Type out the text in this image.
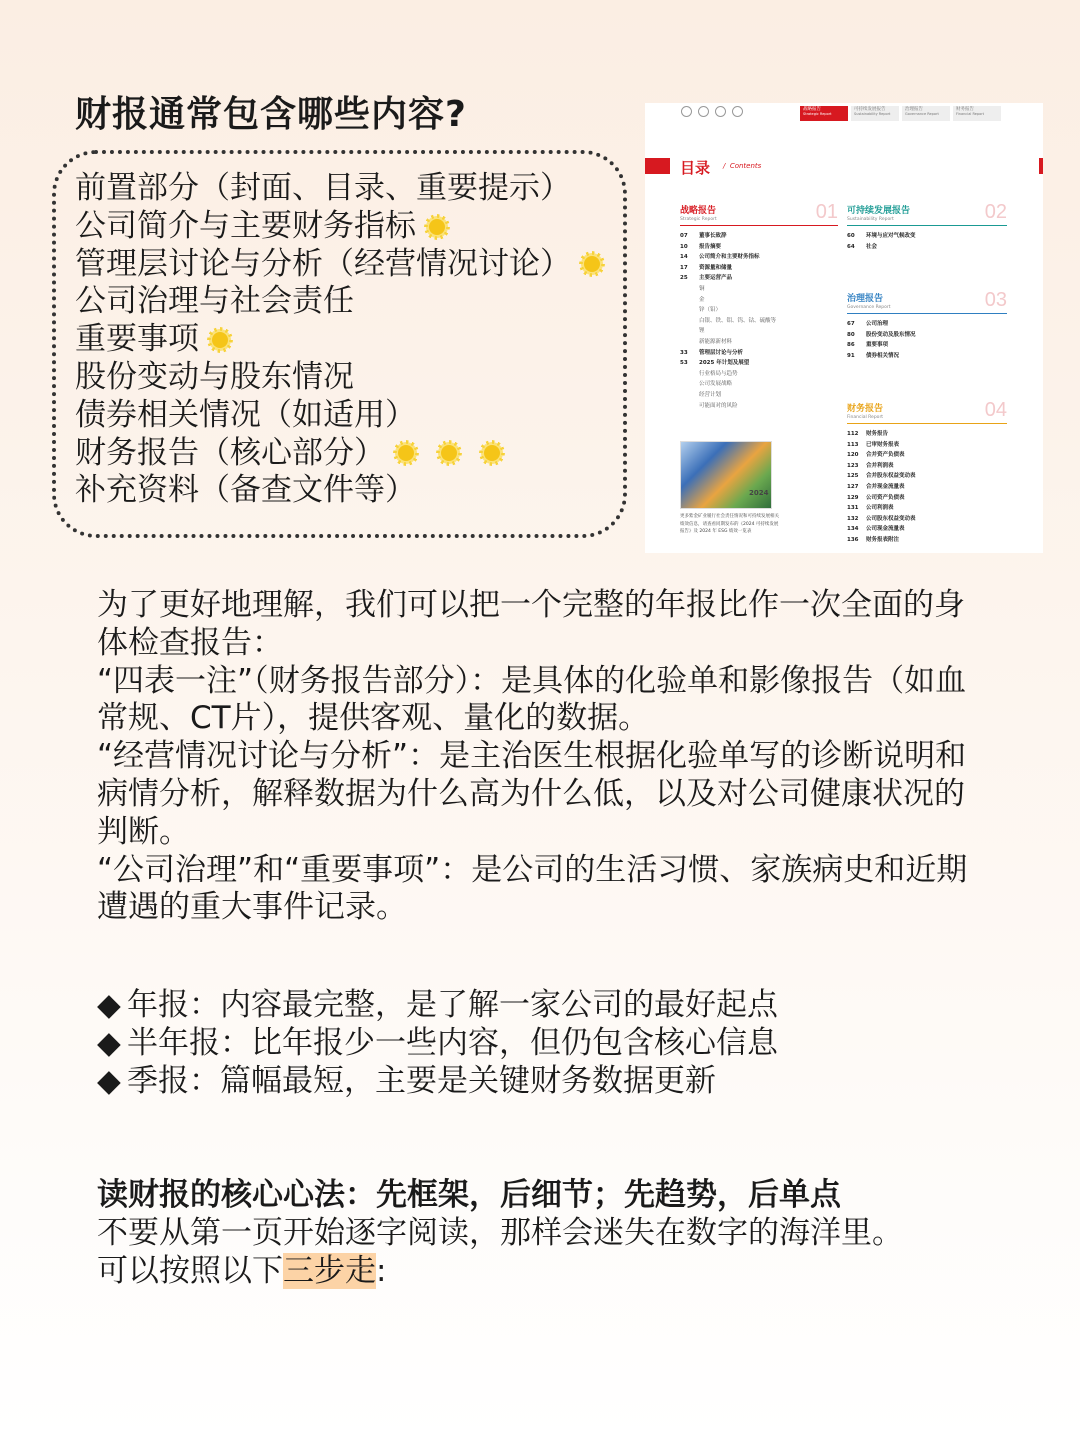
财报通常包含哪些内容?
前置部分（封面、目录、重要提示）
公司简介与主要财务指标
管理层讨论与分析（经营情况讨论）
公司治理与社会责任
重要事项
股份变动与股东情况
债券相关情况（如适用）
财务报告（核心部分）
补充资料（备查文件等）
战略报告
Strategic Report
可持续发展报告
Sustainability Report
治理报告
Governance Report
财务报告
Financial Report
目录 /  Contents
战略报告
Strategic Report	01
07 董事长致辞
10 报告摘要
14 公司简介和主要财务指标
17 资源量和储量
25 主要运营产品
铜
金
锌（铅）
白银、铁、钼、钨、钴、硫酸等
锂
新能源新材料
33 管理层讨论与分析
53 2025 年计划及展望
行业格局与趋势
公司发展战略
经营计划
可能面对的风险
可持续发展报告
Sustainability Report	02
60 环境与应对气候改变
64 社会
治理报告
Governance Report	03
67 公司治理
80 股份变动及股东情况
86 重要事项
91 债券相关情况
财务报告
Financial Report	04
112 财务报告
113 已审财务报表
120 合并资产负债表
123 合并利润表
125 合并股东权益变动表
127 合并现金流量表
129 公司资产负债表
131 公司利润表
132 公司股东权益变动表
134 公司现金流量表
136 财务报表附注
2024
更多紫金矿业履行社会责任情况和可持续发展相关绩效信息，请查看同期发布的《2024 可持续发展报告》及 2024 年 ESG 绩效一览表

为了更好地理解，我们可以把一个完整的年报比作一次全面的身体检查报告：

“四表一注”（财务报告部分）：是具体的化验单和影像报告（如血常规、CT片），提供客观、量化的数据。

“经营情况讨论与分析”：是主治医生根据化验单写的诊断说明和病情分析，解释数据为什么高为什么低，以及对公司健康状况的判断。

“公司治理”和“重要事项”：是公司的生活习惯、家族病史和近期遭遇的重大事件记录。

◆ 年报：内容最完整，是了解一家公司的最好起点
◆ 半年报：比年报少一些内容，但仍包含核心信息
◆ 季报：篇幅最短，主要是关键财务数据更新
读财报的核心心法：先框架，后细节；先趋势，后单点
不要从第一页开始逐字阅读，那样会迷失在数字的海洋里。
可以按照以下三步走:
